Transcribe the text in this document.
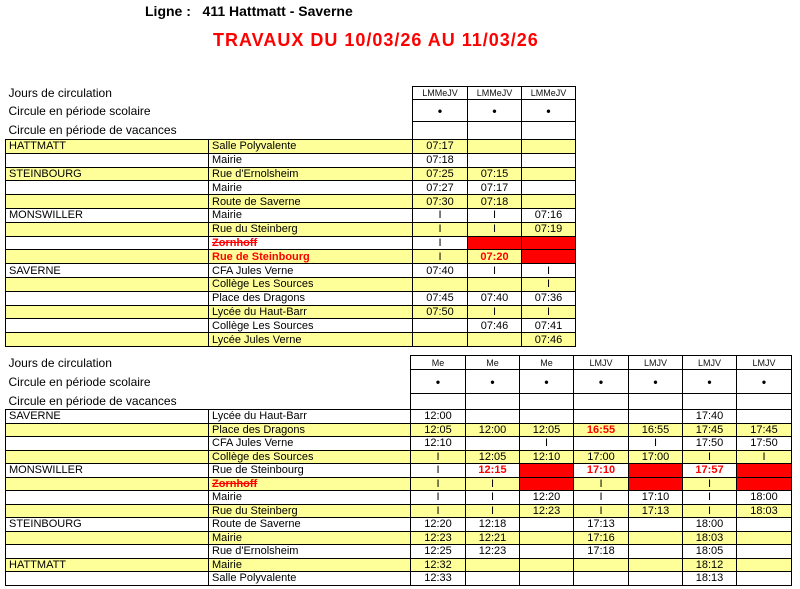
Ligne :   411 Hattmatt - Saverne
TRAVAUX DU 10/03/26 AU 11/03/26
Jours de circulation		LMMeJV	LMMeJV	LMMeJV
Circule en période scolaire		•	•	•
Circule en période de vacances				
HATTMATT	Salle Polyvalente	07:17		
	Mairie	07:18		
STEINBOURG	Rue d'Ernolsheim	07:25	07:15	
	Mairie	07:27	07:17	
	Route de Saverne	07:30	07:18	
MONSWILLER	Mairie	I	I	07:16
	Rue du Steinberg	I	I	07:19
	Zornhoff	I		
	Rue de Steinbourg	I	07:20	
SAVERNE	CFA Jules Verne	07:40	I	I
	Collège Les Sources			I
	Place des Dragons	07:45	07:40	07:36
	Lycée du Haut-Barr	07:50	I	I
	Collège Les Sources		07:46	07:41
	Lycée Jules Verne			07:46
Jours de circulation		Me	Me	Me	LMJV	LMJV	LMJV	LMJV
Circule en période scolaire		•	•	•	•	•	•	•
Circule en période de vacances								
SAVERNE	Lycée du Haut-Barr	12:00					17:40	
	Place des Dragons	12:05	12:00	12:05	16:55	16:55	17:45	17:45
	CFA Jules Verne	12:10		I		I	17:50	17:50
	Collège des Sources	I	12:05	12:10	17:00	17:00	I	I
MONSWILLER	Rue de Steinbourg	I	12:15		17:10		17:57	
	Zornhoff	I	I		I		I	
	Mairie	I	I	12:20	I	17:10	I	18:00
	Rue du Steinberg	I	I	12:23	I	17:13	I	18:03
STEINBOURG	Route de Saverne	12:20	12:18		17:13		18:00	
	Mairie	12:23	12:21		17:16		18:03	
	Rue d'Ernolsheim	12:25	12:23		17:18		18:05	
HATTMATT	Mairie	12:32					18:12	
	Salle Polyvalente	12:33					18:13	
